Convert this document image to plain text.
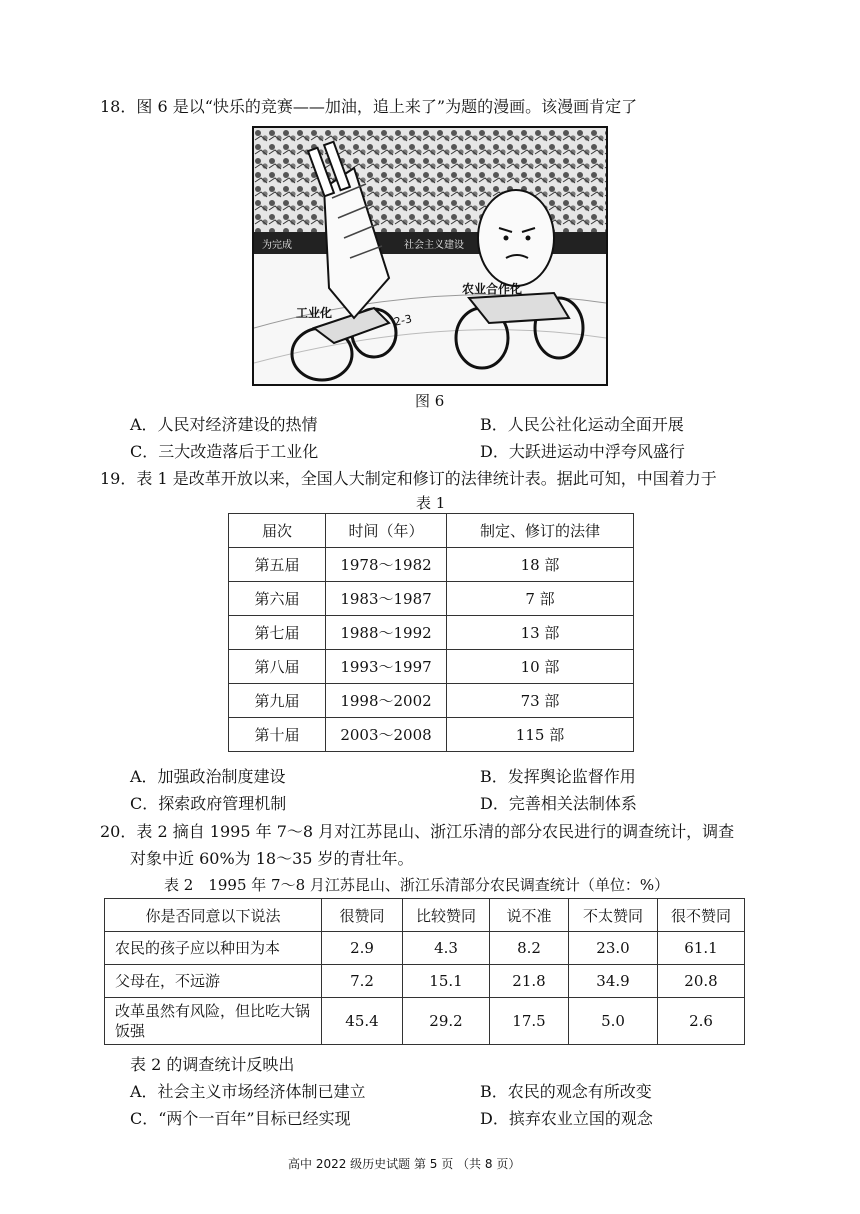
18．图 6 是以“快乐的竞赛——加油，追上来了”为题的漫画。该漫画肯定了
为完成	社会主义建设
工业化
农业合作化
2-3
图 6
A．人民对经济建设的热情	B．人民公社化运动全面开展
C．三大改造落后于工业化	D．大跃进运动中浮夸风盛行
19．表 1 是改革开放以来，全国人大制定和修订的法律统计表。据此可知，中国着力于
表 1
届次	时间（年）	制定、修订的法律
第五届	1978～1982	18 部
第六届	1983～1987	7 部
第七届	1988～1992	13 部
第八届	1993～1997	10 部
第九届	1998～2002	73 部
第十届	2003～2008	115 部
A．加强政治制度建设	B．发挥舆论监督作用
C．探索政府管理机制	D．完善相关法制体系
20．表 2 摘自 1995 年 7～8 月对江苏昆山、浙江乐清的部分农民进行的调查统计，调查
对象中近 60%为 18～35 岁的青壮年。
表 2　1995 年 7～8 月江苏昆山、浙江乐清部分农民调查统计（单位：%）
你是否同意以下说法	很赞同	比较赞同	说不准	不太赞同	很不赞同
农民的孩子应以种田为本	2.9	4.3	8.2	23.0	61.1
父母在，不远游	7.2	15.1	21.8	34.9	20.8
改革虽然有风险，但比吃大锅饭强	45.4	29.2	17.5	5.0	2.6
表 2 的调查统计反映出
A．社会主义市场经济体制已建立	B．农民的观念有所改变
C．“两个一百年”目标已经实现	D．摈弃农业立国的观念
高中 2022 级历史试题 第 5 页 （共 8 页）
